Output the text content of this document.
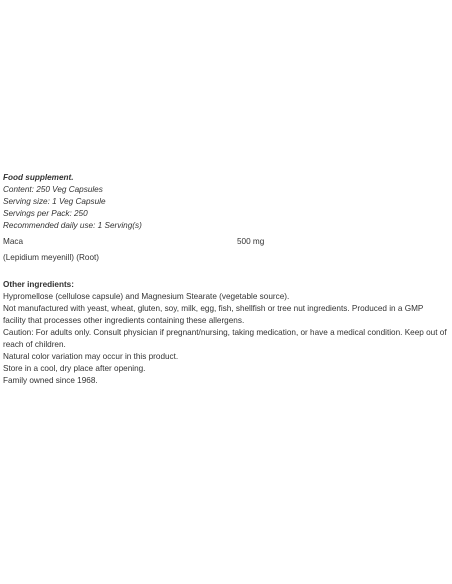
Food supplement.

Content: 250 Veg Capsules

Serving size: 1 Veg Capsule

Servings per Pack: 250

Recommended daily use: 1 Serving(s)

Maca	500 mg

(Lepidium meyenill) (Root)

Other ingredients:

Hypromellose (cellulose capsule) and Magnesium Stearate (vegetable source).

Not manufactured with yeast, wheat, gluten, soy, milk, egg, fish, shellfish or tree nut ingredients. Produced in a GMP facility that processes other ingredients containing these allergens.

Caution: For adults only. Consult physician if pregnant/nursing, taking medication, or have a medical condition. Keep out of reach of children.

Natural color variation may occur in this product.

Store in a cool, dry place after opening.

Family owned since 1968.
